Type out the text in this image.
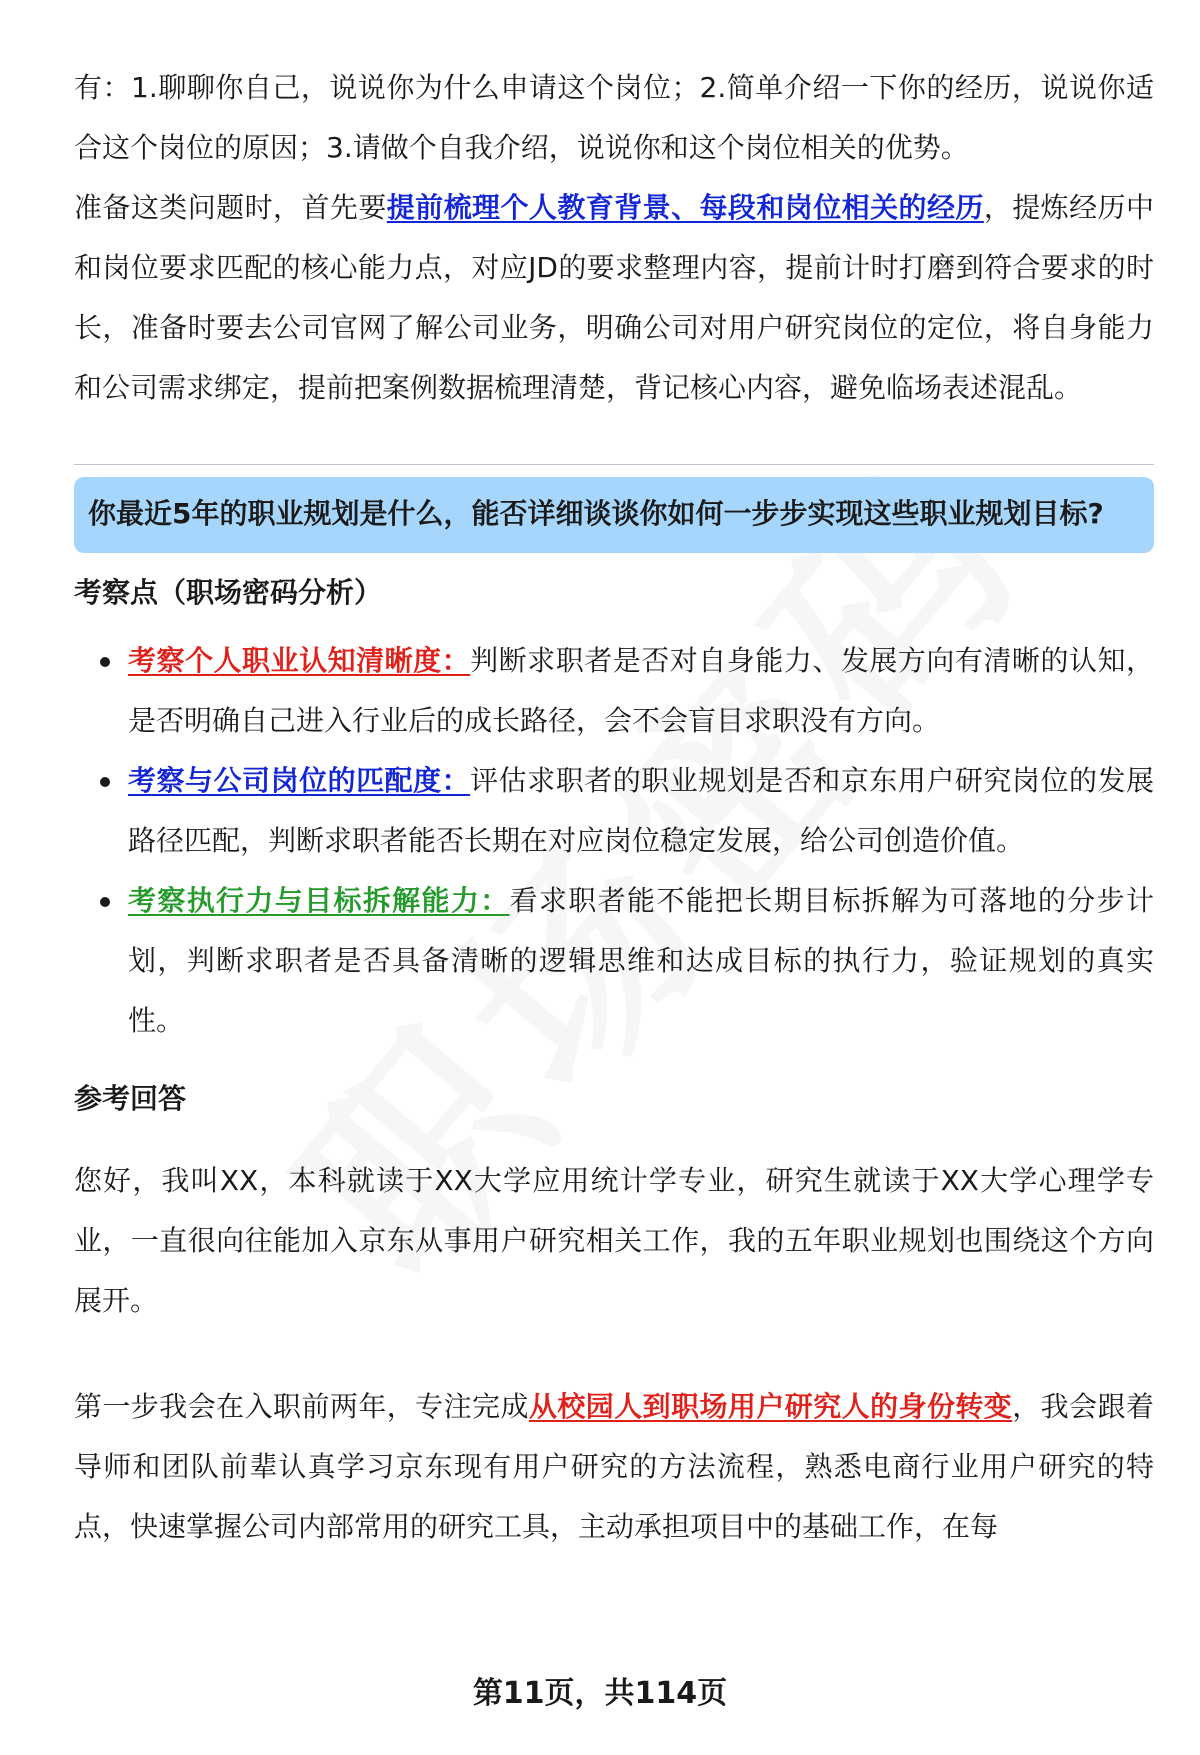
有：1.聊聊你自己，说说你为什么申请这个岗位；2.简单介绍一下你的经历，说说你适合这个岗位的原因；3.请做个自我介绍，说说你和这个岗位相关的优势。

准备这类问题时，首先要提前梳理个人教育背景、每段和岗位相关的经历，提炼经历中和岗位要求匹配的核心能力点，对应JD的要求整理内容，提前计时打磨到符合要求的时长，准备时要去公司官网了解公司业务，明确公司对用户研究岗位的定位，将自身能力和公司需求绑定，提前把案例数据梳理清楚，背记核心内容，避免临场表述混乱。

你最近5年的职业规划是什么，能否详细谈谈你如何一步步实现这些职业规划目标?

考察点（职场密码分析）

考察个人职业认知清晰度：判断求职者是否对自身能力、发展方向有清晰的认知，是否明确自己进入行业后的成长路径，会不会盲目求职没有方向。
考察与公司岗位的匹配度：评估求职者的职业规划是否和京东用户研究岗位的发展路径匹配，判断求职者能否长期在对应岗位稳定发展，给公司创造价值。
考察执行力与目标拆解能力：看求职者能不能把长期目标拆解为可落地的分步计划，判断求职者是否具备清晰的逻辑思维和达成目标的执行力，验证规划的真实性。

参考回答

您好，我叫XX，本科就读于XX大学应用统计学专业，研究生就读于XX大学心理学专业，一直很向往能加入京东从事用户研究相关工作，我的五年职业规划也围绕这个方向展开。

第一步我会在入职前两年，专注完成从校园人到职场用户研究人的身份转变，我会跟着导师和团队前辈认真学习京东现有用户研究的方法流程，熟悉电商行业用户研究的特点，快速掌握公司内部常用的研究工具，主动承担项目中的基础工作，在每

第11页，共114页
